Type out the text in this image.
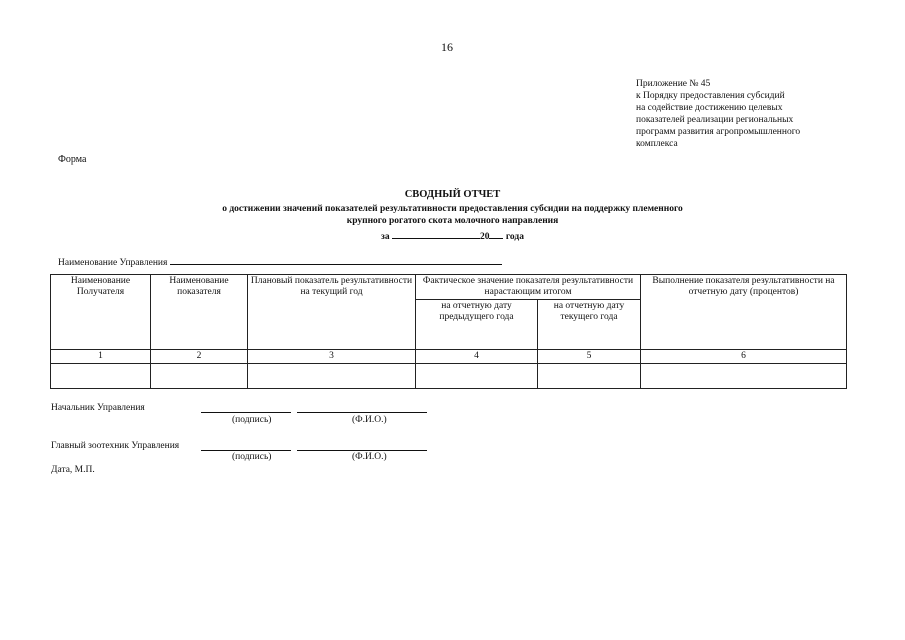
16
Приложение № 45
к Порядку предоставления субсидий
на содействие достижению целевых
показателей реализации региональных
программ развития агропромышленного
комплекса
Форма
СВОДНЫЙ ОТЧЕТ
о достижении значений показателей результативности предоставления субсидии на поддержку племенного
крупного рогатого скота молочного направления
за	20 года
Наименование Управления
Наименование Получателя	Наименование показателя	Плановый показатель результативности на текущий год	Фактическое значение показателя результативности нарастающим итогом		Выполнение показателя результативности на отчетную дату (процентов)
			на отчетную дату предыдущего года	на отчетную дату текущего года	
1	2	3	4	5	6

Начальник Управления
(подпись)	(Ф.И.О.)
Главный зоотехник Управления
(подпись)	(Ф.И.О.)
Дата, М.П.
